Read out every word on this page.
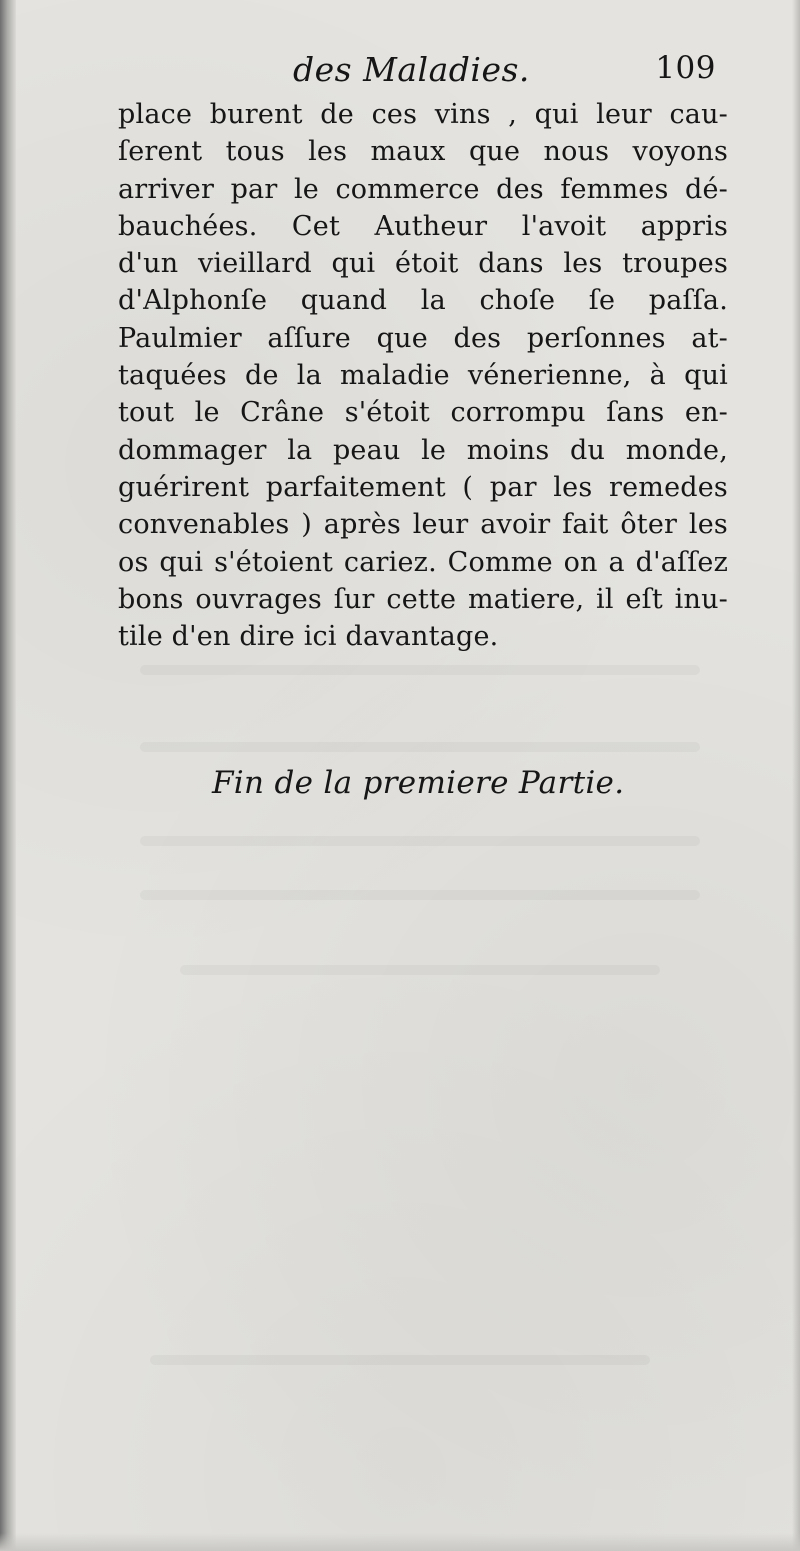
des Maladies.	109
place burent de ces vins , qui leur cau-
ſerent tous les maux que nous voyons
arriver par le commerce des femmes dé-
bauchées. Cet Autheur l'avoit appris
d'un vieillard qui étoit dans les troupes
d'Alphonſe quand la choſe ſe paſſa.
Paulmier aſſure que des perſonnes at-
taquées de la maladie vénerienne, à qui
tout le Crâne s'étoit corrompu ſans en-
dommager la peau le moins du monde,
guérirent parfaitement ( par les remedes
convenables ) après leur avoir fait ôter les
os qui s'étoient cariez. Comme on a d'aſſez
bons ouvrages ſur cette matiere, il eſt inu-
tile d'en dire ici davantage.
Fin de la premiere Partie.
